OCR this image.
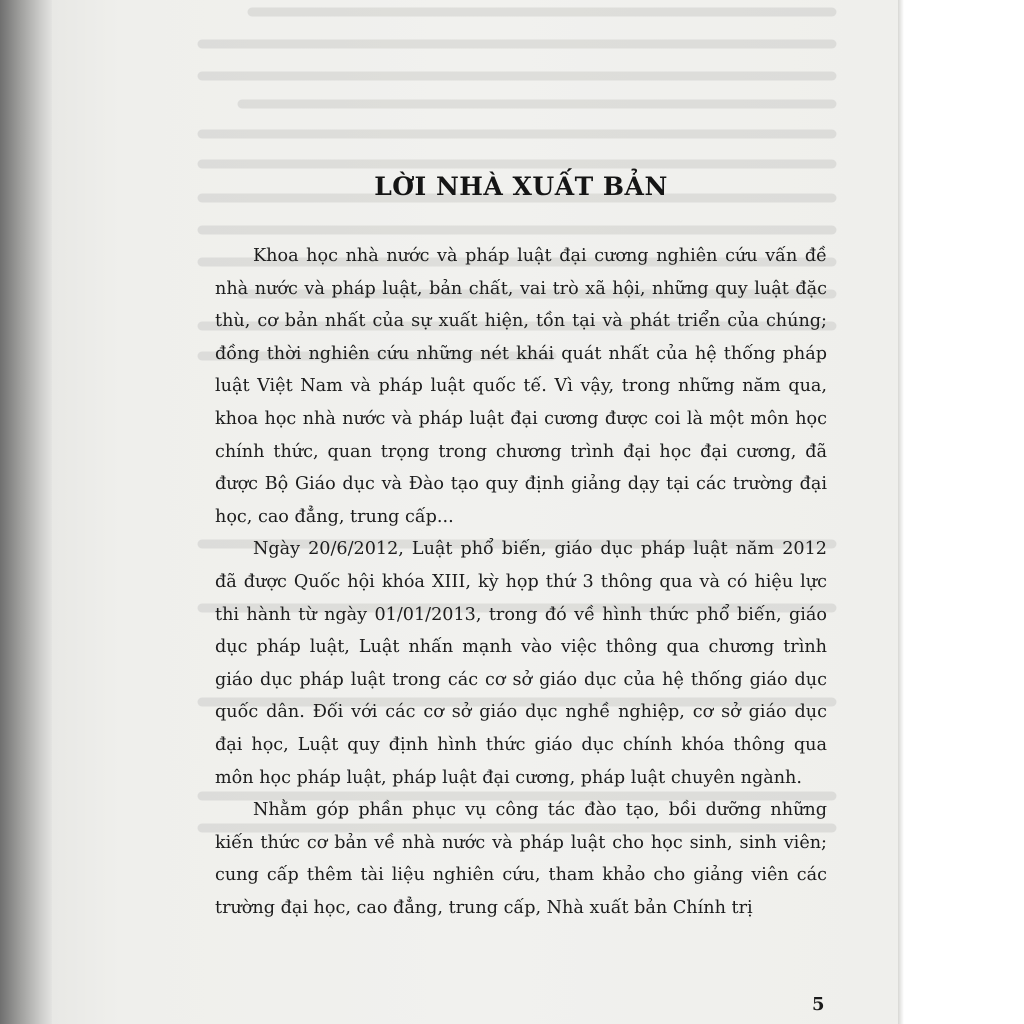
LỜI NHÀ XUẤT BẢN

Khoa học nhà nước và pháp luật đại cương nghiên cứu vấn đề nhà nước và pháp luật, bản chất, vai trò xã hội, những quy luật đặc thù, cơ bản nhất của sự xuất hiện, tồn tại và phát triển của chúng; đồng thời nghiên cứu những nét khái quát nhất của hệ thống pháp luật Việt Nam và pháp luật quốc tế. Vì vậy, trong những năm qua, khoa học nhà nước và pháp luật đại cương được coi là một môn học chính thức, quan trọng trong chương trình đại học đại cương, đã được Bộ Giáo dục và Đào tạo quy định giảng dạy tại các trường đại học, cao đẳng, trung cấp...

Ngày 20/6/2012, Luật phổ biến, giáo dục pháp luật năm 2012 đã được Quốc hội khóa XIII, kỳ họp thứ 3 thông qua và có hiệu lực thi hành từ ngày 01/01/2013, trong đó về hình thức phổ biến, giáo dục pháp luật, Luật nhấn mạnh vào việc thông qua chương trình giáo dục pháp luật trong các cơ sở giáo dục của hệ thống giáo dục quốc dân. Đối với các cơ sở giáo dục nghề nghiệp, cơ sở giáo dục đại học, Luật quy định hình thức giáo dục chính khóa thông qua môn học pháp luật, pháp luật đại cương, pháp luật chuyên ngành.

Nhằm góp phần phục vụ công tác đào tạo, bồi dưỡng những kiến thức cơ bản về nhà nước và pháp luật cho học sinh, sinh viên; cung cấp thêm tài liệu nghiên cứu, tham khảo cho giảng viên các trường đại học, cao đẳng, trung cấp, Nhà xuất bản Chính trị

5
